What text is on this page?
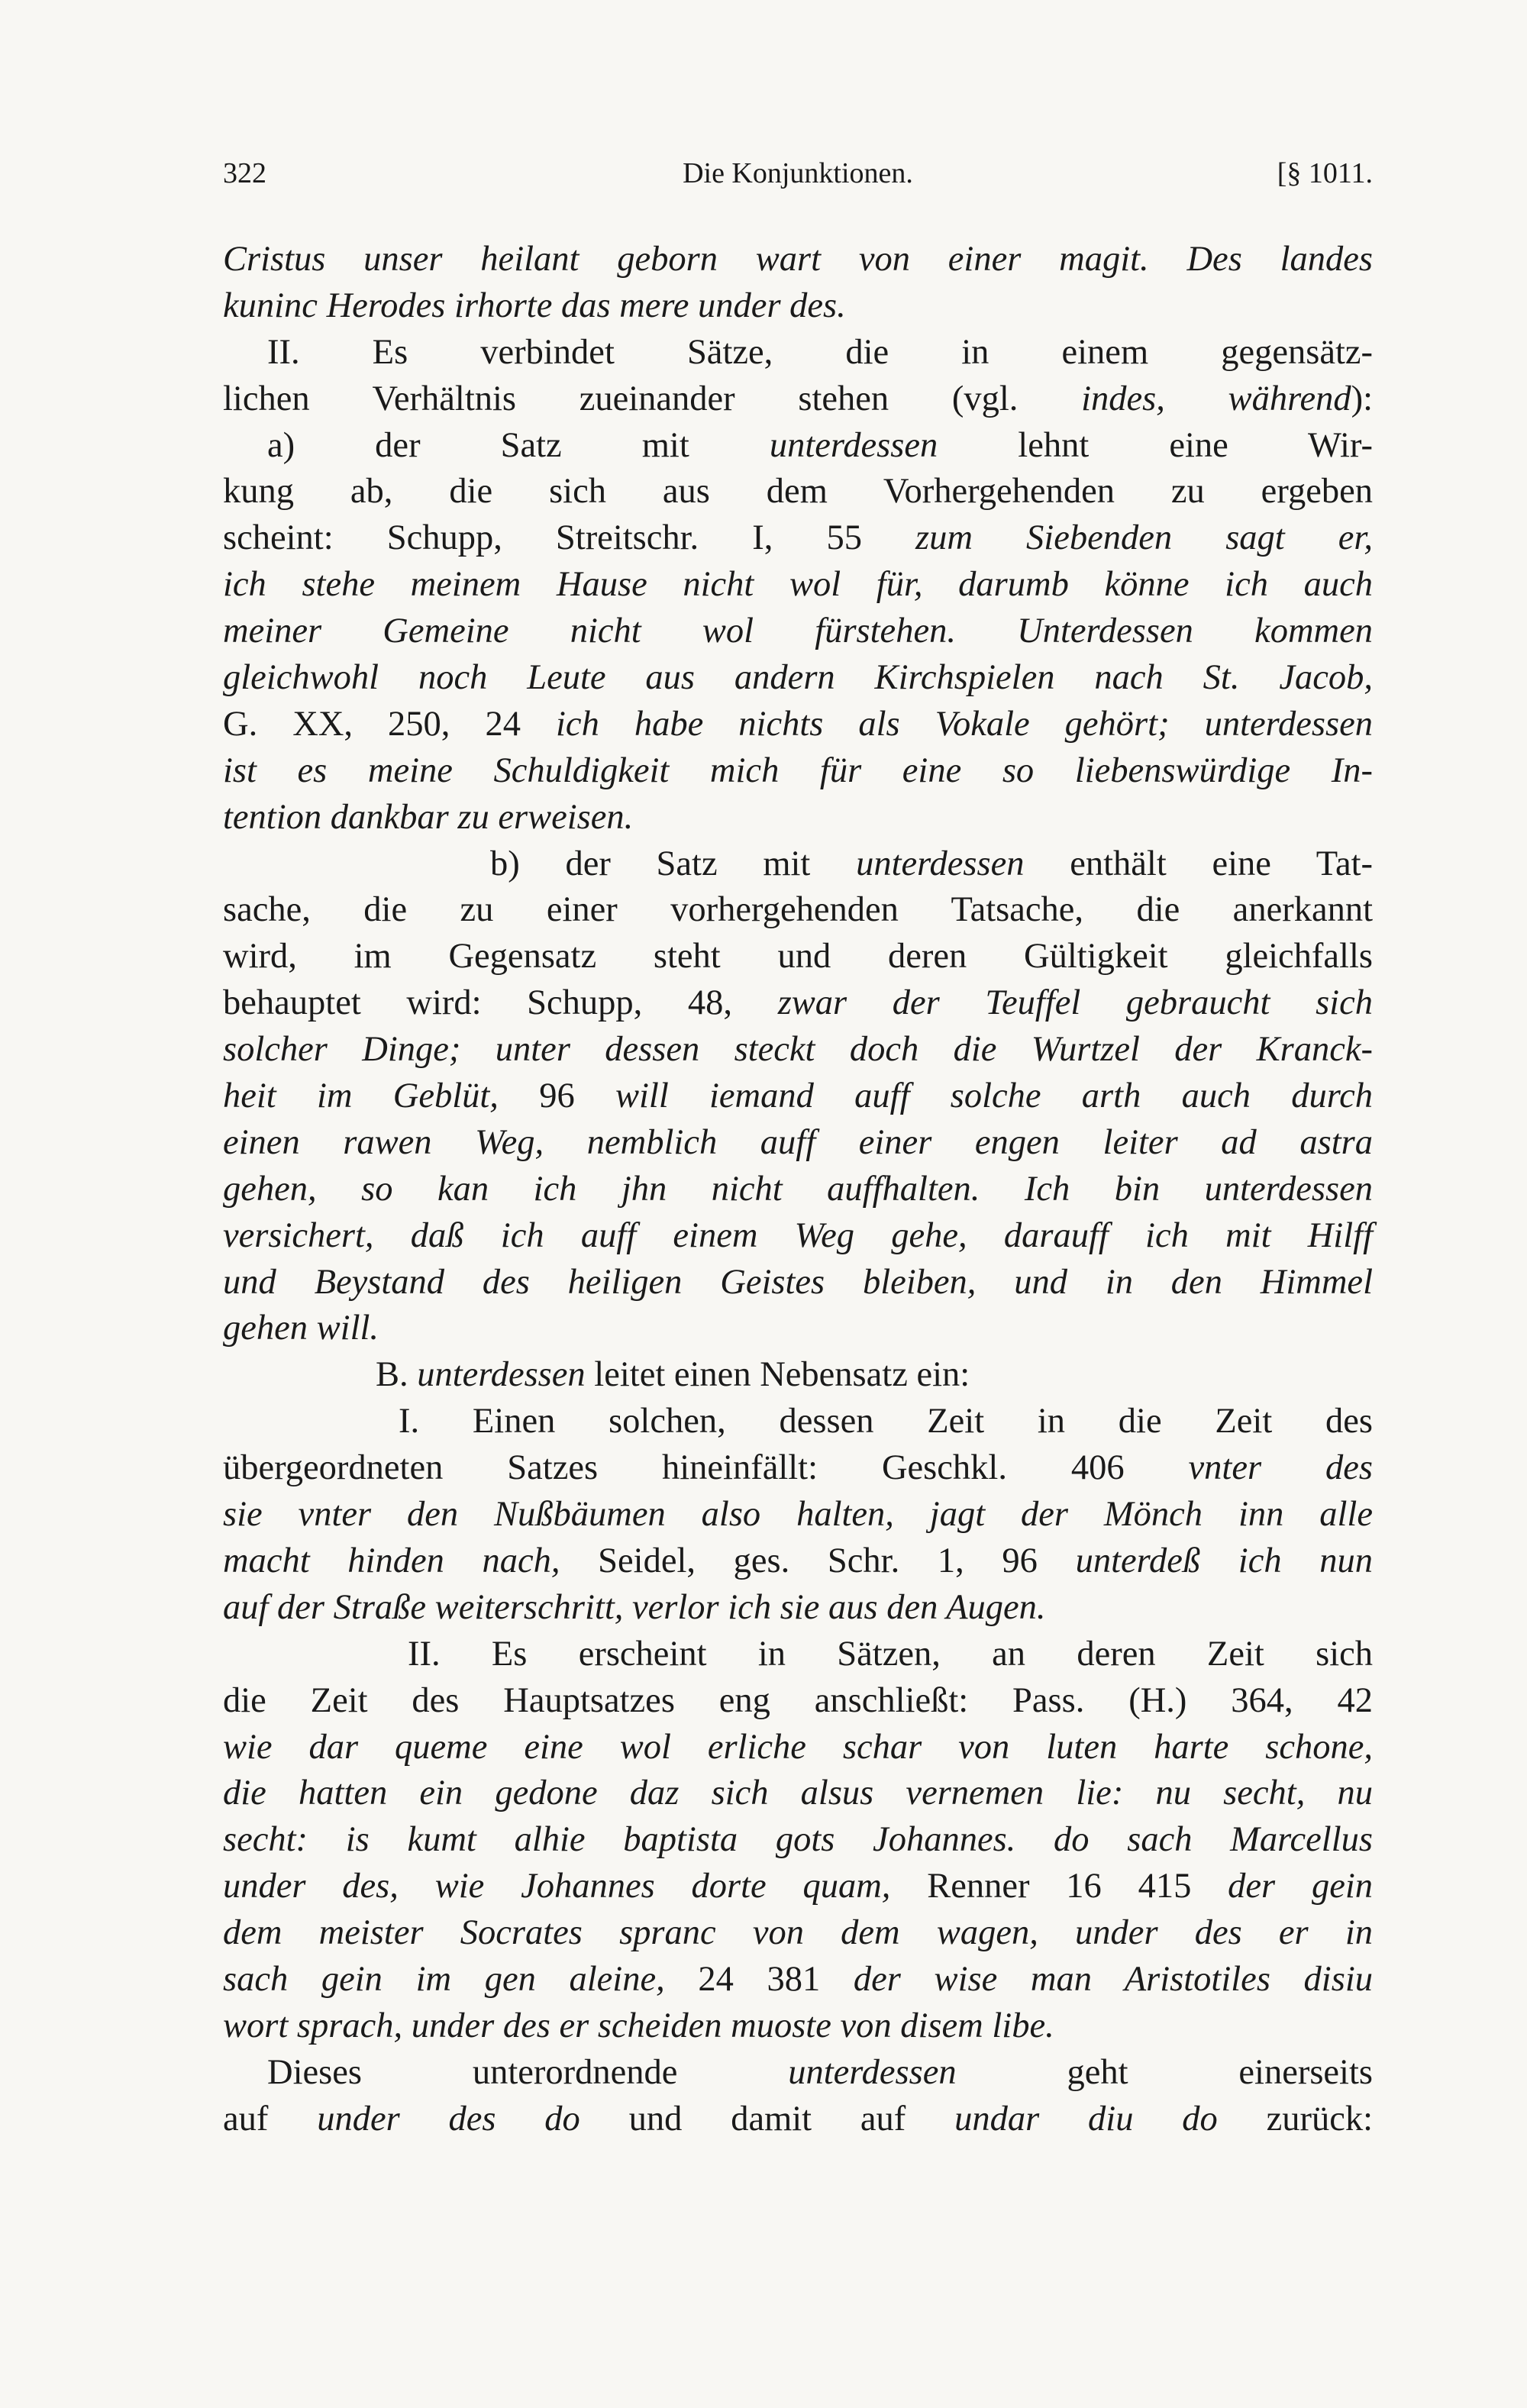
322	Die Konjunktionen.	[§ 1011.
Cristus unser heilant geborn wart von einer magit. Des landes
kuninc Herodes irhorte das mere under des.
II. Es verbindet Sätze, die in einem gegensätz-
lichen Verhältnis zueinander stehen (vgl. indes, während):
a) der Satz mit unterdessen lehnt eine Wir-
kung ab, die sich aus dem Vorhergehenden zu ergeben
scheint: Schupp, Streitschr. I, 55 zum Siebenden sagt er,
ich stehe meinem Hause nicht wol für, darumb könne ich auch
meiner Gemeine nicht wol fürstehen. Unterdessen kommen
gleichwohl noch Leute aus andern Kirchspielen nach St. Jacob,
G. XX, 250, 24 ich habe nichts als Vokale gehört; unterdessen
ist es meine Schuldigkeit mich für eine so liebenswürdige In-
tention dankbar zu erweisen.
b) der Satz mit unterdessen enthält eine Tat-
sache, die zu einer vorhergehenden Tatsache, die anerkannt
wird, im Gegensatz steht und deren Gültigkeit gleichfalls
behauptet wird: Schupp, 48, zwar der Teuffel gebraucht sich
solcher Dinge; unter dessen steckt doch die Wurtzel der Kranck-
heit im Geblüt, 96 will iemand auff solche arth auch durch
einen rawen Weg, nemblich auff einer engen leiter ad astra
gehen, so kan ich jhn nicht auffhalten. Ich bin unterdessen
versichert, daß ich auff einem Weg gehe, darauff ich mit Hilff
und Beystand des heiligen Geistes bleiben, und in den Himmel
gehen will.
B. unterdessen leitet einen Nebensatz ein:
I. Einen solchen, dessen Zeit in die Zeit des
übergeordneten Satzes hineinfällt: Geschkl. 406 vnter des
sie vnter den Nußbäumen also halten, jagt der Mönch inn alle
macht hinden nach, Seidel, ges. Schr. 1, 96 unterdeß ich nun
auf der Straße weiterschritt, verlor ich sie aus den Augen.
II. Es erscheint in Sätzen, an deren Zeit sich
die Zeit des Hauptsatzes eng anschließt: Pass. (H.) 364, 42
wie dar queme eine wol erliche schar von luten harte schone,
die hatten ein gedone daz sich alsus vernemen lie: nu secht, nu
secht: is kumt alhie baptista gots Johannes. do sach Marcellus
under des, wie Johannes dorte quam, Renner 16 415 der gein
dem meister Socrates spranc von dem wagen, under des er in
sach gein im gen aleine, 24 381 der wise man Aristotiles disiu
wort sprach, under des er scheiden muoste von disem libe.
Dieses unterordnende unterdessen geht einerseits
auf under des do und damit auf undar diu do zurück:
